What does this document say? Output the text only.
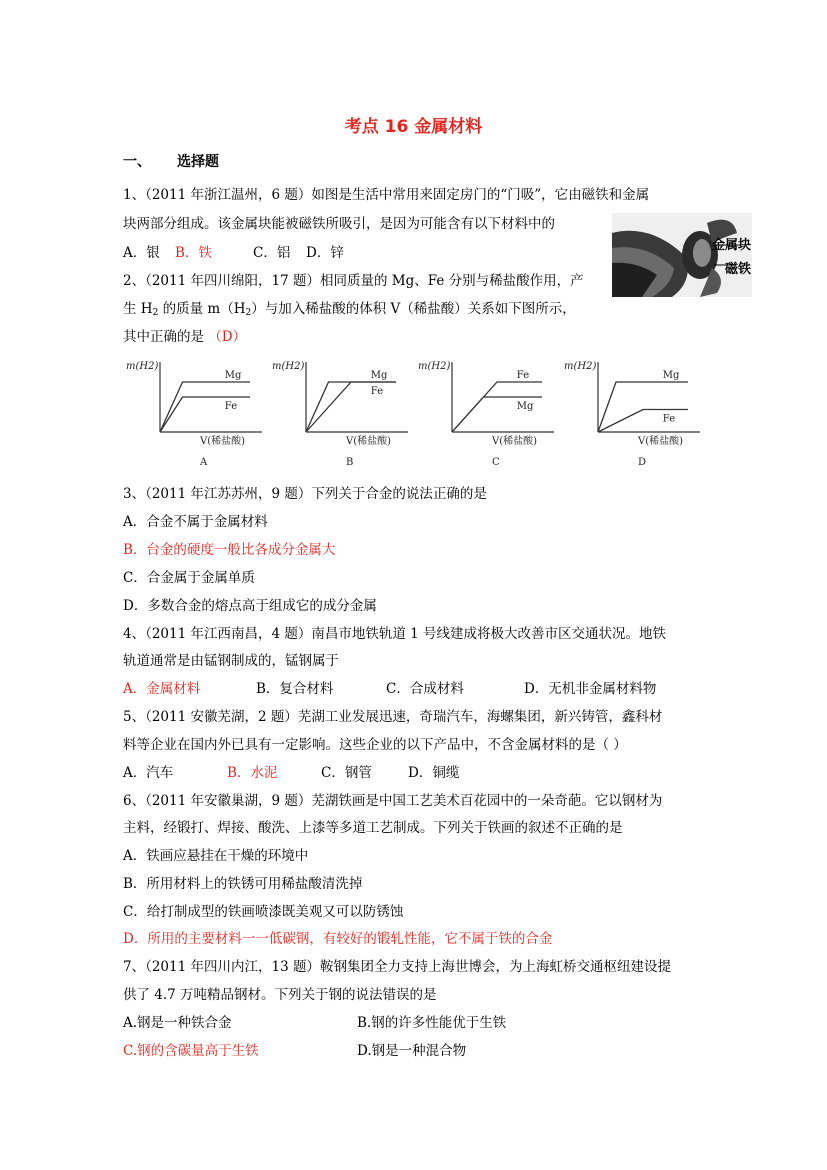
考点 16 金属材料
一、 选择题
1、（2011 年浙江温州，6 题）如图是生活中常用来固定房门的“门吸”，它由磁铁和金属
块两部分组成。该金属块能被磁铁所吸引，是因为可能含有以下材料中的
A．银 B．铁	C．铝 D．锌	金属块
磁铁
2、（2011 年四川绵阳，17 题）相同质量的 Mg、Fe 分别与稀盐酸作用，产
生 $H_2$ 的质量 $m(H_2)$与加入稀盐酸的体积 V（稀盐酸）关系如下图所示，
其中正确的是 （D）
m(H2)
V(稀盐酸)
A
Mg
Fe
m(H2)
V(稀盐酸)
B
Mg
Fe
m(H2)
V(稀盐酸)
C
Fe
Mg
m(H2)
V(稀盐酸)
D
Mg
Fe
3、（2011 年江苏苏州，9 题）下列关于合金的说法正确的是
A．合金不属于金属材料
B．台金的硬度一般比各成分金属大
C．合金属于金属单质
D．多数合金的熔点高于组成它的成分金属
4、（2011 年江西南昌，4 题）南昌市地铁轨道 1 号线建成将极大改善市区交通状况。地铁
轨道通常是由锰钢制成的，锰钢属于
A．金属材料	B．复合材料	C．合成材料	D．无机非金属材料物
5、（2011 安徽芜湖，2 题）芜湖工业发展迅速，奇瑞汽车，海螺集团，新兴铸管，鑫科材
料等企业在国内外已具有一定影响。这些企业的以下产品中，不含金属材料的是（ ）
A．汽车	B．水泥	C．钢管	D．铜缆
6、（2011 年安徽巢湖，9 题）芜湖铁画是中国工艺美术百花园中的一朵奇葩。它以钢材为
主料，经锻打、焊接、酸洗、上漆等多道工艺制成。下列关于铁画的叙述不正确的是
A．铁画应悬挂在干燥的环境中
B．所用材料上的铁锈可用稀盐酸清洗掉
C．给打制成型的铁画喷漆既美观又可以防锈蚀
D．所用的主要材料一一低碳钢，有较好的锻轧性能，它不属于铁的合金
7、（2011 年四川内江，13 题）鞍钢集团全力支持上海世博会，为上海虹桥交通枢纽建设提
供了 4.7 万吨精品钢材。下列关于钢的说法错误的是
A.钢是一种铁合金	B.钢的许多性能优于生铁
C.钢的含碳量高于生铁	D.钢是一种混合物
